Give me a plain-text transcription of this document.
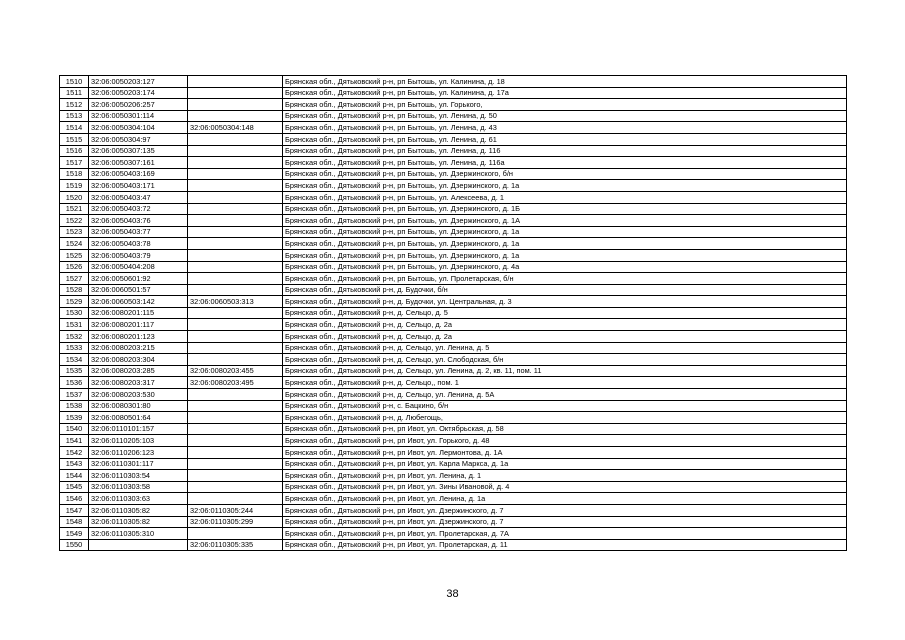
1510	32:06:0050203:127		Брянская обл., Дятьковский р-н, рп Бытошь, ул. Калинина, д. 18
1511	32:06:0050203:174		Брянская обл., Дятьковский р-н, рп Бытошь, ул. Калинина, д. 17а
1512	32:06:0050206:257		Брянская обл., Дятьковский р-н, рп Бытошь, ул. Горького,
1513	32:06:0050301:114		Брянская обл., Дятьковский р-н, рп Бытошь, ул. Ленина, д. 50
1514	32:06:0050304:104	32:06:0050304:148	Брянская обл., Дятьковский р-н, рп Бытошь, ул. Ленина, д. 43
1515	32:06:0050304:97		Брянская обл., Дятьковский р-н, рп Бытошь, ул. Ленина, д. 61
1516	32:06:0050307:135		Брянская обл., Дятьковский р-н, рп Бытошь, ул. Ленина, д. 116
1517	32:06:0050307:161		Брянская обл., Дятьковский р-н, рп Бытошь, ул. Ленина, д. 116а
1518	32:06:0050403:169		Брянская обл., Дятьковский р-н, рп Бытошь, ул. Дзержинского, б/н
1519	32:06:0050403:171		Брянская обл., Дятьковский р-н, рп Бытошь, ул. Дзержинского, д. 1а
1520	32:06:0050403:47		Брянская обл., Дятьковский р-н, рп Бытошь, ул. Алексеева, д. 1
1521	32:06:0050403:72		Брянская обл., Дятьковский р-н, рп Бытошь, ул. Дзержинского, д. 1Б
1522	32:06:0050403:76		Брянская обл., Дятьковский р-н, рп Бытошь, ул. Дзержинского, д. 1А
1523	32:06:0050403:77		Брянская обл., Дятьковский р-н, рп Бытошь, ул. Дзержинского, д. 1а
1524	32:06:0050403:78		Брянская обл., Дятьковский р-н, рп Бытошь, ул. Дзержинского, д. 1а
1525	32:06:0050403:79		Брянская обл., Дятьковский р-н, рп Бытошь, ул. Дзержинского, д. 1а
1526	32:06:0050404:208		Брянская обл., Дятьковский р-н, рп Бытошь, ул. Дзержинского, д. 4а
1527	32:06:0050601:92		Брянская обл., Дятьковский р-н, рп Бытошь, ул. Пролетарская, б/н
1528	32:06:0060501:57		Брянская обл., Дятьковский р-н, д. Будочки, б/н
1529	32:06:0060503:142	32:06:0060503:313	Брянская обл., Дятьковский р-н, д. Будочки, ул. Центральная, д. 3
1530	32:06:0080201:115		Брянская обл., Дятьковский р-н, д. Сельцо, д. 5
1531	32:06:0080201:117		Брянская обл., Дятьковский р-н, д. Сельцо, д. 2а
1532	32:06:0080201:123		Брянская обл., Дятьковский р-н, д. Сельцо, д. 2а
1533	32:06:0080203:215		Брянская обл., Дятьковский р-н, д. Сельцо, ул. Ленина, д. 5
1534	32:06:0080203:304		Брянская обл., Дятьковский р-н, д. Сельцо, ул. Слободская, б/н
1535	32:06:0080203:285	32:06:0080203:455	Брянская обл., Дятьковский р-н, д. Сельцо, ул. Ленина, д. 2, кв. 11, пом. 11
1536	32:06:0080203:317	32:06:0080203:495	Брянская обл., Дятьковский р-н, д. Сельцо,, пом. 1
1537	32:06:0080203:530		Брянская обл., Дятьковский р-н, д. Сельцо, ул. Ленина, д. 5А
1538	32:06:0080301:80		Брянская обл., Дятьковский р-н, с. Бацкино, б/н
1539	32:06:0080501:64		Брянская обл., Дятьковский р-н, д. Любегощь,
1540	32:06:0110101:157		Брянская обл., Дятьковский р-н, рп Ивот, ул. Октябрьская, д. 58
1541	32:06:0110205:103		Брянская обл., Дятьковский р-н, рп Ивот, ул. Горького, д. 48
1542	32:06:0110206:123		Брянская обл., Дятьковский р-н, рп Ивот, ул. Лермонтова, д. 1А
1543	32:06:0110301:117		Брянская обл., Дятьковский р-н, рп Ивот, ул. Карла Маркса, д. 1а
1544	32:06:0110303:54		Брянская обл., Дятьковский р-н, рп Ивот, ул. Ленина, д. 1
1545	32:06:0110303:58		Брянская обл., Дятьковский р-н, рп Ивот, ул. Зины Ивановой, д. 4
1546	32:06:0110303:63		Брянская обл., Дятьковский р-н, рп Ивот, ул. Ленина, д. 1а
1547	32:06:0110305:82	32:06:0110305:244	Брянская обл., Дятьковский р-н, рп Ивот, ул. Дзержинского, д. 7
1548	32:06:0110305:82	32:06:0110305:299	Брянская обл., Дятьковский р-н, рп Ивот, ул. Дзержинского, д. 7
1549	32:06:0110305:310		Брянская обл., Дятьковский р-н, рп Ивот, ул. Пролетарская, д. 7А
1550		32:06:0110305:335	Брянская обл., Дятьковский р-н, рп Ивот, ул. Пролетарская, д. 11
38
